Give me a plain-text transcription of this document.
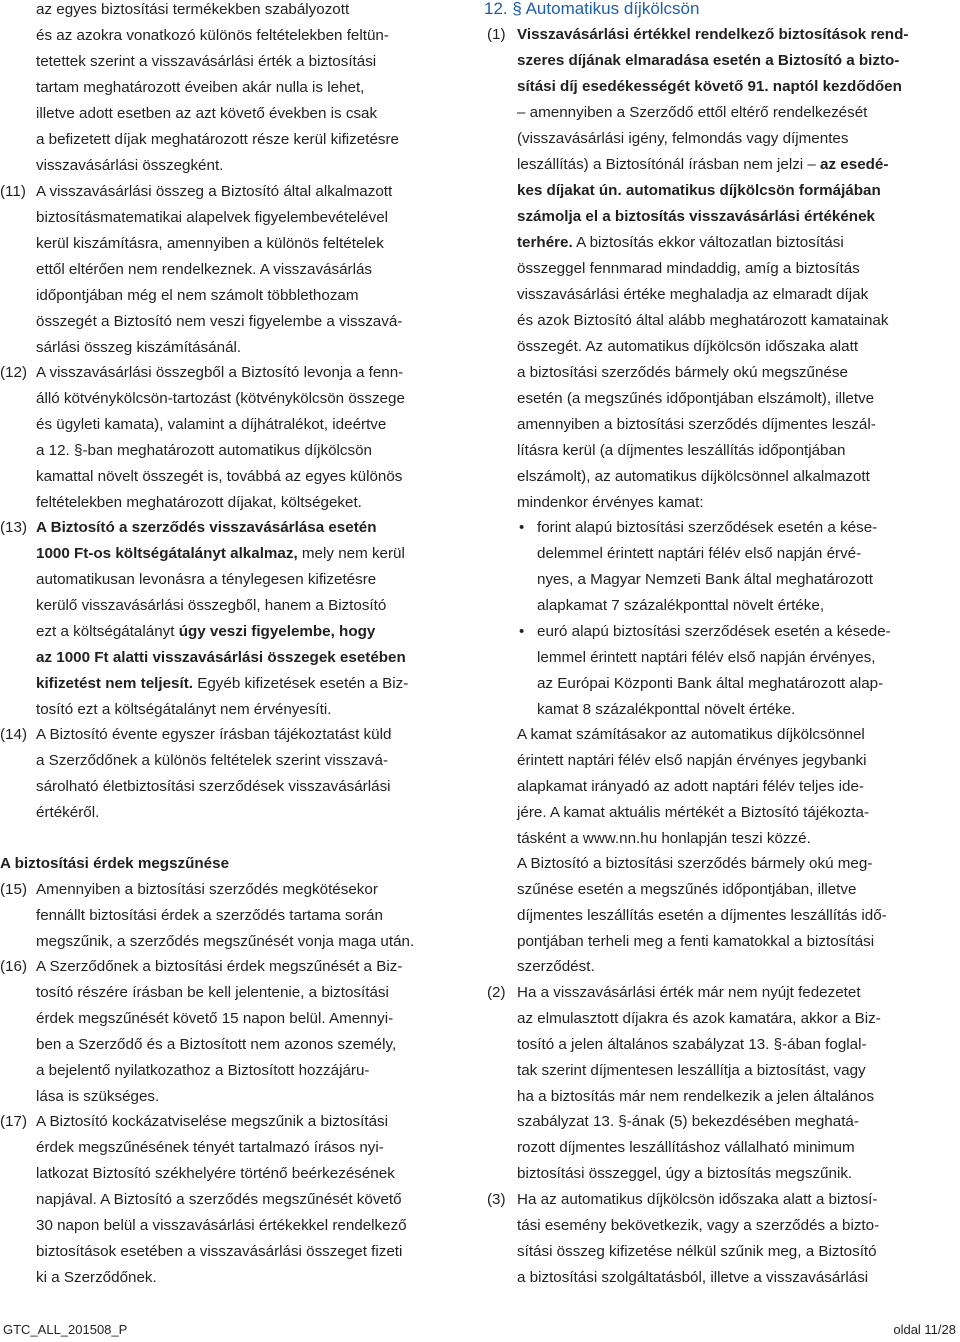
az egyes biztosítási termékekben szabályozott
és az azokra vonatkozó különös feltételekben feltün-
tetettek szerint a visszavásárlási érték a biztosítási
tartam meghatározott éveiben akár nulla is lehet,
illetve adott esetben az azt követő években is csak
a befizetett díjak meghatározott része kerül kifizetésre
visszavásárlási összegként.
(11) A visszavásárlási összeg a Biztosító által alkalmazott
biztosításmatematikai alapelvek figyelembevételével
kerül kiszámításra, amennyiben a különös feltételek
ettől eltérően nem rendelkeznek. A visszavásárlás
időpontjában még el nem számolt többlethozam
összegét a Biztosító nem veszi figyelembe a visszavá-
sárlási összeg kiszámításánál.
(12) A visszavásárlási összegből a Biztosító levonja a fenn-
álló kötvénykölcsön-tartozást (kötvénykölcsön összege
és ügyleti kamata), valamint a díjhátralékot, ideértve
a 12. §-ban meghatározott automatikus díjkölcsön
kamattal növelt összegét is, továbbá az egyes különös
feltételekben meghatározott díjakat, költségeket.
(13) A Biztosító a szerződés visszavásárlása esetén
1000 Ft-os költségátalányt alkalmaz, mely nem kerül
automatikusan levonásra a ténylegesen kifizetésre
kerülő visszavásárlási összegből, hanem a Biztosító
ezt a költségátalányt úgy veszi figyelembe, hogy
az 1000 Ft alatti visszavásárlási összegek esetében
kifizetést nem teljesít. Egyéb kifizetések esetén a Biz-
tosító ezt a költségátalányt nem érvényesíti.
(14) A Biztosító évente egyszer írásban tájékoztatást küld
a Szerződőnek a különös feltételek szerint visszavá-
sárolható életbiztosítási szerződések visszavásárlási
értékéről.
A biztosítási érdek megszűnése
(15) Amennyiben a biztosítási szerződés megkötésekor
fennállt biztosítási érdek a szerződés tartama során
megszűnik, a szerződés megszűnését vonja maga után.
(16) A Szerződőnek a biztosítási érdek megszűnését a Biz-
tosító részére írásban be kell jelentenie, a biztosítási
érdek megszűnését követő 15 napon belül. Amennyi-
ben a Szerződő és a Biztosított nem azonos személy,
a bejelentő nyilatkozathoz a Biztosított hozzájáru-
lása is szükséges.
(17) A Biztosító kockázatviselése megszűnik a biztosítási
érdek megszűnésének tényét tartalmazó írásos nyi-
latkozat Biztosító székhelyére történő beérkezésének
napjával. A Biztosító a szerződés megszűnését követő
30 napon belül a visszavásárlási értékekkel rendelkező
biztosítások esetében a visszavásárlási összeget fizeti
ki a Szerződőnek.
12. § Automatikus díjkölcsön
(1) Visszavásárlási értékkel rendelkező biztosítások rend-
szeres díjának elmaradása esetén a Biztosító a bizto-
sítási díj esedékességét követő 91. naptól kezdődően
– amennyiben a Szerződő ettől eltérő rendelkezését
(visszavásárlási igény, felmondás vagy díjmentes
leszállítás) a Biztosítónál írásban nem jelzi – az esedé-
kes díjakat ún. automatikus díjkölcsön formájában
számolja el a biztosítás visszavásárlási értékének
terhére. A biztosítás ekkor változatlan biztosítási
összeggel fennmarad mindaddig, amíg a biztosítás
visszavásárlási értéke meghaladja az elmaradt díjak
és azok Biztosító által alább meghatározott kamatainak
összegét. Az automatikus díjkölcsön időszaka alatt
a biztosítási szerződés bármely okú megszűnése
esetén (a megszűnés időpontjában elszámolt), illetve
amennyiben a biztosítási szerződés díjmentes leszál-
lításra kerül (a díjmentes leszállítás időpontjában
elszámolt), az automatikus díjkölcsönnel alkalmazott
mindenkor érvényes kamat:
• forint alapú biztosítási szerződések esetén a kése-
delemmel érintett naptári félév első napján érvé-
nyes, a Magyar Nemzeti Bank által meghatározott
alapkamat 7 százalékponttal növelt értéke,
• euró alapú biztosítási szerződések esetén a késede-
lemmel érintett naptári félév első napján érvényes,
az Európai Központi Bank által meghatározott alap-
kamat 8 százalékponttal növelt értéke.
A kamat számításakor az automatikus díjkölcsönnel
érintett naptári félév első napján érvényes jegybanki
alapkamat irányadó az adott naptári félév teljes ide-
jére. A kamat aktuális mértékét a Biztosító tájékozta-
tásként a www.nn.hu honlapján teszi közzé.
A Biztosító a biztosítási szerződés bármely okú meg-
szűnése esetén a megszűnés időpontjában, illetve
díjmentes leszállítás esetén a díjmentes leszállítás idő-
pontjában terheli meg a fenti kamatokkal a biztosítási
szerződést.
(2) Ha a visszavásárlási érték már nem nyújt fedezetet
az elmulasztott díjakra és azok kamatára, akkor a Biz-
tosító a jelen általános szabályzat 13. §-ában foglal-
tak szerint díjmentesen leszállítja a biztosítást, vagy
ha a biztosítás már nem rendelkezik a jelen általános
szabályzat 13. §-ának (5) bekezdésében meghatá-
rozott díjmentes leszállításhoz vállalható minimum
biztosítási összeggel, úgy a biztosítás megszűnik.
(3) Ha az automatikus díjkölcsön időszaka alatt a biztosí-
tási esemény bekövetkezik, vagy a szerződés a bizto-
sítási összeg kifizetése nélkül szűnik meg, a Biztosító
a biztosítási szolgáltatásból, illetve a visszavásárlási
GTC_ALL_201508_P	oldal 11/28
